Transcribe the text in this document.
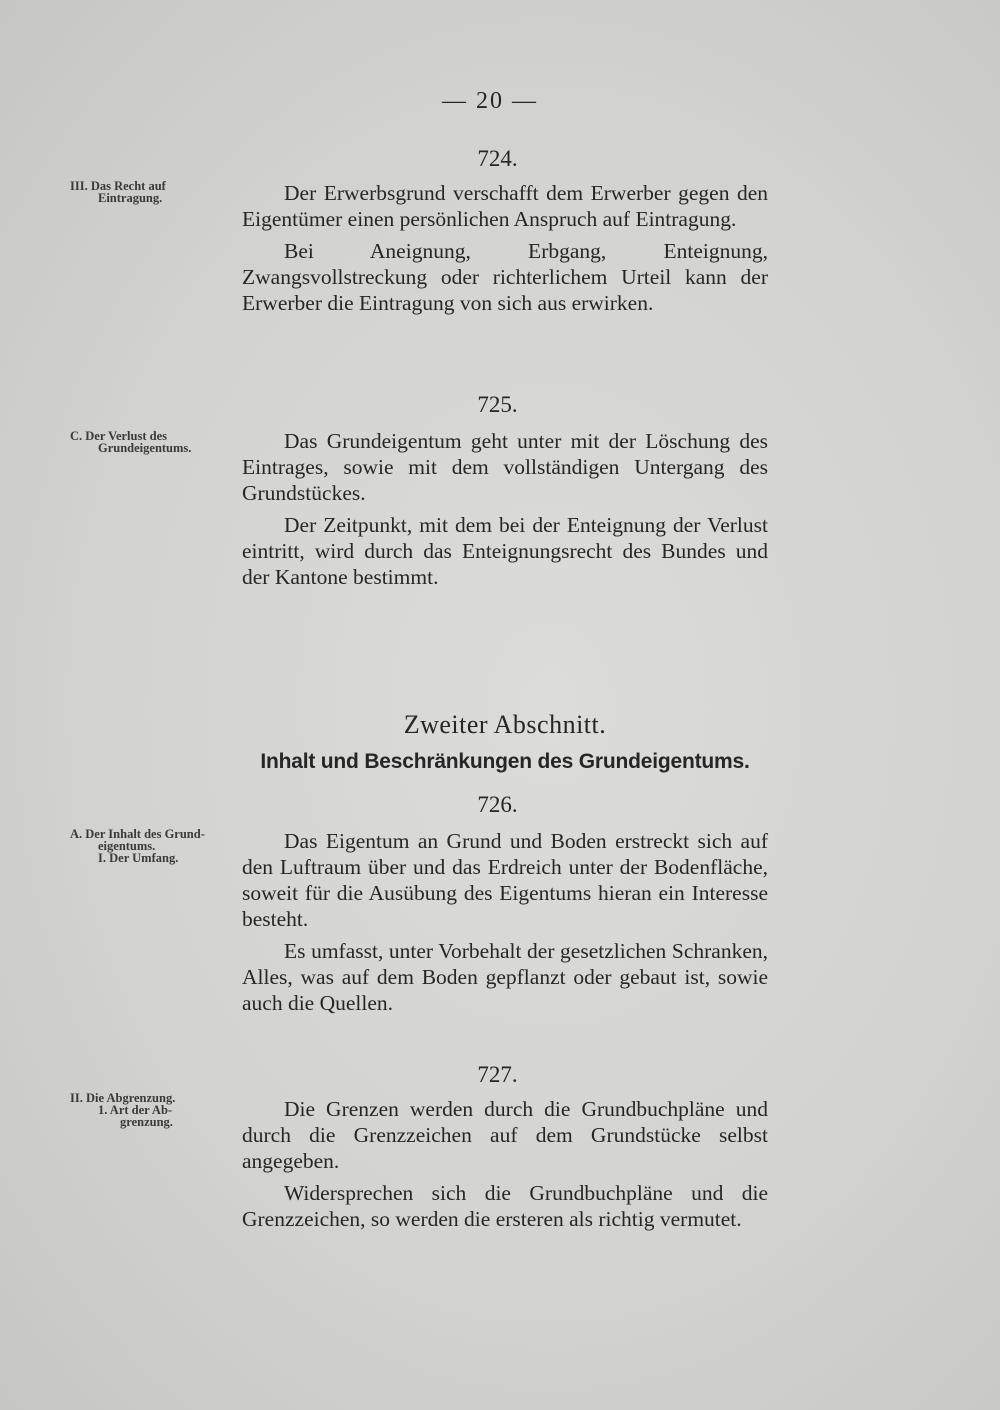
— 20 —
724.
III. Das Recht auf
Eintragung.	Der Erwerbsgrund verschafft dem Erwerber gegen den Eigentümer einen persönlichen Anspruch auf Eintragung.

Bei Aneignung, Erbgang, Enteignung, Zwangsvollstreckung oder richterlichem Urteil kann der Erwerber die Eintragung von sich aus erwirken.

725.
C. Der Verlust des
Grundeigentums.	Das Grundeigentum geht unter mit der Löschung des Eintrages, sowie mit dem vollständigen Untergang des Grundstückes.

Der Zeitpunkt, mit dem bei der Enteignung der Verlust eintritt, wird durch das Enteignungsrecht des Bundes und der Kantone bestimmt.

Zweiter Abschnitt.
Inhalt und Beschränkungen des Grundeigentums.
726.
A. Der Inhalt des Grund-
eigentums.
I. Der Umfang.

Das Eigentum an Grund und Boden erstreckt sich auf den Luftraum über und das Erdreich unter der Bodenfläche, soweit für die Ausübung des Eigentums hieran ein Interesse besteht.

Es umfasst, unter Vorbehalt der gesetzlichen Schranken, Alles, was auf dem Boden gepflanzt oder gebaut ist, sowie auch die Quellen.

727.
II. Die Abgrenzung.
1. Art der Ab-
grenzung.

Die Grenzen werden durch die Grundbuchpläne und durch die Grenzzeichen auf dem Grundstücke selbst angegeben.

Widersprechen sich die Grundbuchpläne und die Grenzzeichen, so werden die ersteren als richtig vermutet.
